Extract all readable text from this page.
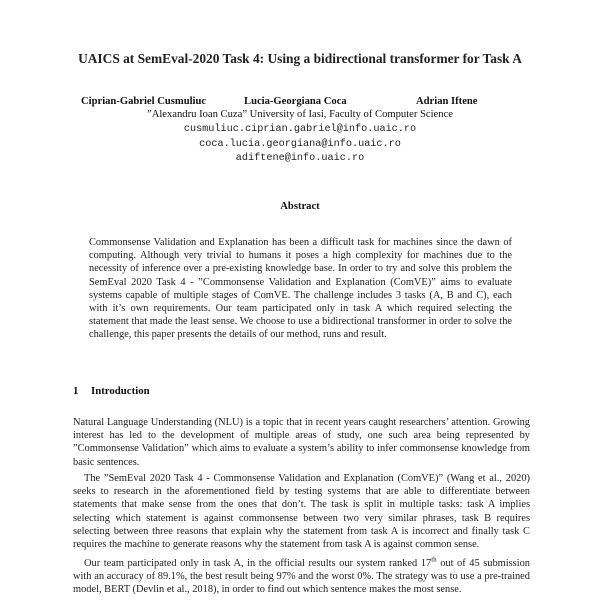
UAICS at SemEval-2020 Task 4: Using a bidirectional transformer for Task A
Ciprian-Gabriel Cusmuliuc	Lucia-Georgiana Coca	Adrian Iftene
”Alexandru Ioan Cuza” University of Iasi, Faculty of Computer Science
cusmuliuc.ciprian.gabriel@info.uaic.ro
coca.lucia.georgiana@info.uaic.ro
adiftene@info.uaic.ro
Abstract
Commonsense Validation and Explanation has been a difficult task for machines since the dawn of computing. Although very trivial to humans it poses a high complexity for machines due to the necessity of inference over a pre-existing knowledge base. In order to try and solve this problem the SemEval 2020 Task 4 - ”Commonsense Validation and Explanation (ComVE)” aims to evaluate systems capable of multiple stages of ComVE. The challenge includes 3 tasks (A, B and C), each with it’s own requirements. Our team participated only in task A which required selecting the statement that made the least sense. We choose to use a bidirectional transformer in order to solve the challenge, this paper presents the details of our method, runs and result.
1 Introduction

Natural Language Understanding (NLU) is a topic that in recent years caught researchers’ attention. Growing interest has led to the development of multiple areas of study, one such area being represented by ”Commonsense Validation” which aims to evaluate a system’s ability to infer commonsense knowledge from basic sentences.

The ”SemEval 2020 Task 4 - Commonsense Validation and Explanation (ComVE)” (Wang et al., 2020) seeks to research in the aforementioned field by testing systems that are able to differentiate between statements that make sense from the ones that don’t. The task is split in multiple tasks: task A implies selecting which statement is against commonsense between two very similar phrases, task B requires selecting between three reasons that explain why the statement from task A is incorrect and finally task C requires the machine to generate reasons why the statement from task A is against common sense.

Our team participated only in task A, in the official results our system ranked 17th out of 45 submission with an accuracy of 89.1%, the best result being 97% and the worst 0%. The strategy was to use a pre-trained model, BERT (Devlin et al., 2018), in order to find out which sentence makes the most sense.
